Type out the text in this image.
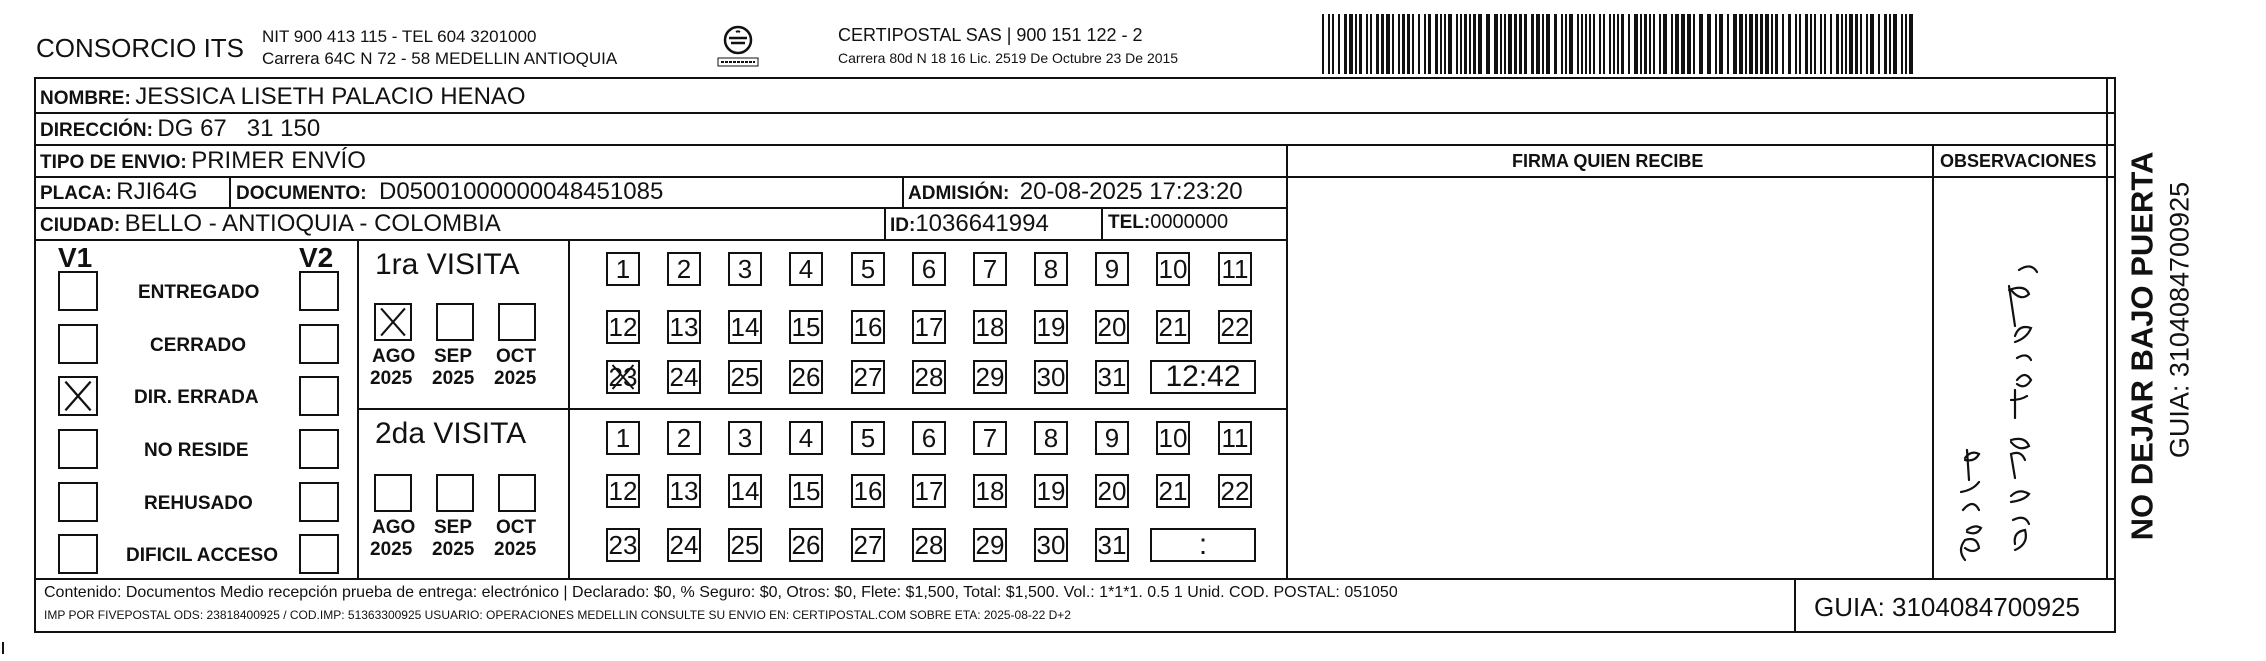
CONSORCIO ITS NIT 900 413 115 - TEL 604 3201000
Carrera 64C N 72 - 58 MEDELLIN ANTIOQUIA
CERTIPOSTAL SAS | 900 151 122 - 2
Carrera 80d N 18 16 Lic. 2519 De Octubre 23 De 2015
NOMBRE: JESSICA LISETH PALACIO HENAO
DIRECCIÓN: DG 67   31 150
TIPO DE ENVIO: PRIMER ENVÍO	FIRMA QUIEN RECIBE	OBSERVACIONES
PLACA: RJI64G DOCUMENTO: D05001000000048451085	ADMISIÓN: 20-08-2025 17:23:20
CIUDAD: BELLO - ANTIOQUIA - COLOMBIA	ID:1036641994	TEL:0000000
V1	V2
ENTREGADO
CERRADO
DIR. ERRADA
NO RESIDE
REHUSADO
DIFICIL ACCESO
1ra VISITA
AGO
2025
SEP
2025
OCT
2025
1	2	3	4	5	6	7	8	9	10 11
12 13 14 15 16 17 18 19 20 21 22
23 24 25 26 27 28 29 30 31	12:42
2da VISITA
AGO
2025
SEP
2025
OCT
2025
1	2	3	4	5	6	7	8	9	10 11
12 13 14 15 16 17 18 19 20 21 22
23 24 25 26 27 28 29 30 31	:
Contenido: Documentos Medio recepción prueba de entrega: electrónico | Declarado: $0, % Seguro: $0, Otros: $0, Flete: $1,500, Total: $1,500. Vol.: 1*1*1. 0.5 1 Unid. COD. POSTAL: 051050
IMP POR FIVEPOSTAL ODS: 23818400925 / COD.IMP: 51363300925 USUARIO: OPERACIONES MEDELLIN CONSULTE SU ENVIO EN: CERTIPOSTAL.COM SOBRE ETA: 2025-08-22 D+2	GUIA: 3104084700925
NO DEJAR BAJO PUERTA GUIA: 3104084700925
